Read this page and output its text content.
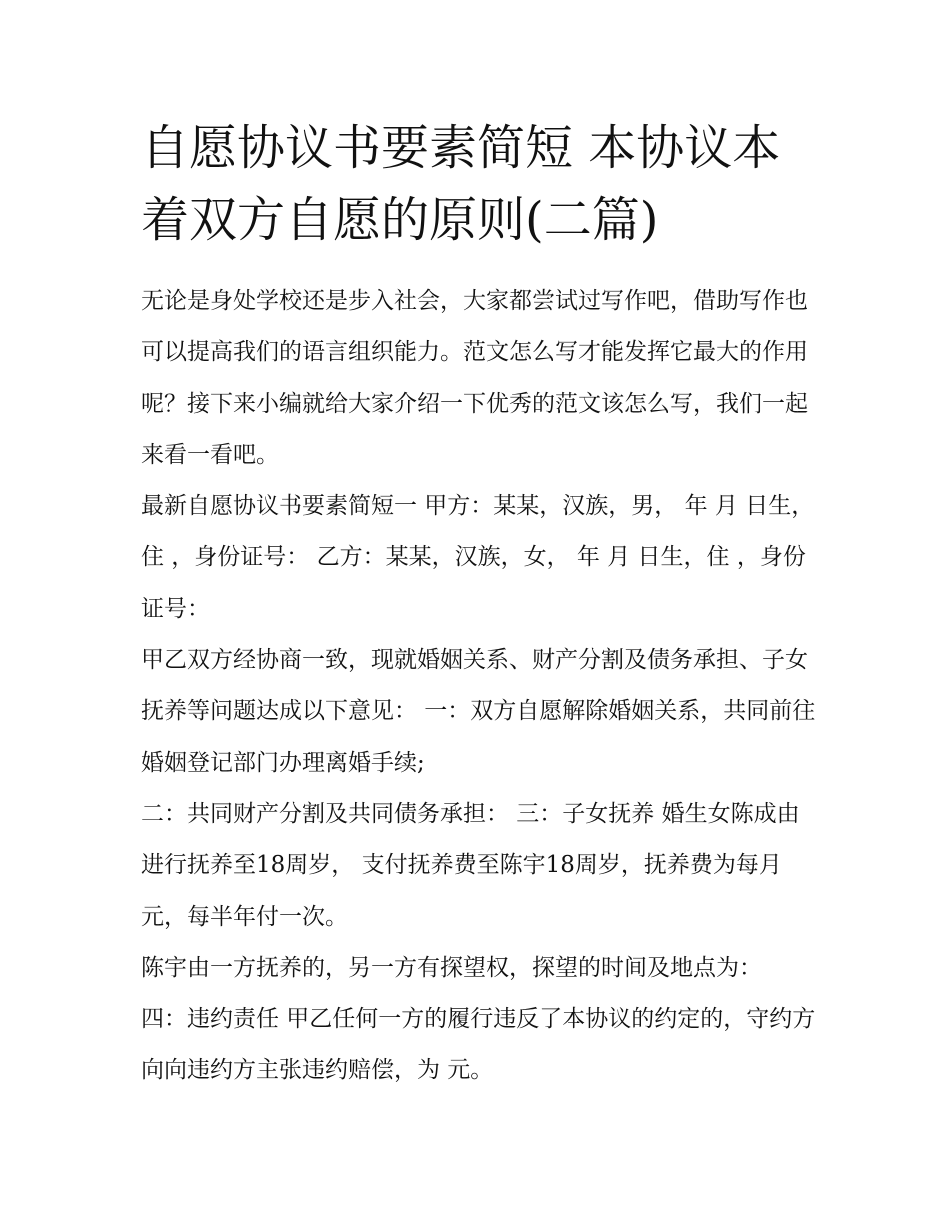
自愿协议书要素简短 本协议本着双方自愿的原则(二篇)

无论是身处学校还是步入社会，大家都尝试过写作吧，借助写作也可以提高我们的语言组织能力。范文怎么写才能发挥它最大的作用呢？接下来小编就给大家介绍一下优秀的范文该怎么写，我们一起来看一看吧。

最新自愿协议书要素简短一 甲方：某某，汉族，男， 年 月 日生，住 ，身份证号： 乙方：某某，汉族，女， 年 月 日生，住 ，身份证号：

甲乙双方经协商一致，现就婚姻关系、财产分割及债务承担、子女抚养等问题达成以下意见： 一：双方自愿解除婚姻关系，共同前往婚姻登记部门办理离婚手续;

二：共同财产分割及共同债务承担： 三：子女抚养 婚生女陈成由 进行抚养至18周岁， 支付抚养费至陈宇18周岁，抚养费为每月 元，每半年付一次。

陈宇由一方抚养的，另一方有探望权，探望的时间及地点为：

四：违约责任 甲乙任何一方的履行违反了本协议的约定的，守约方向向违约方主张违约赔偿，为 元。
